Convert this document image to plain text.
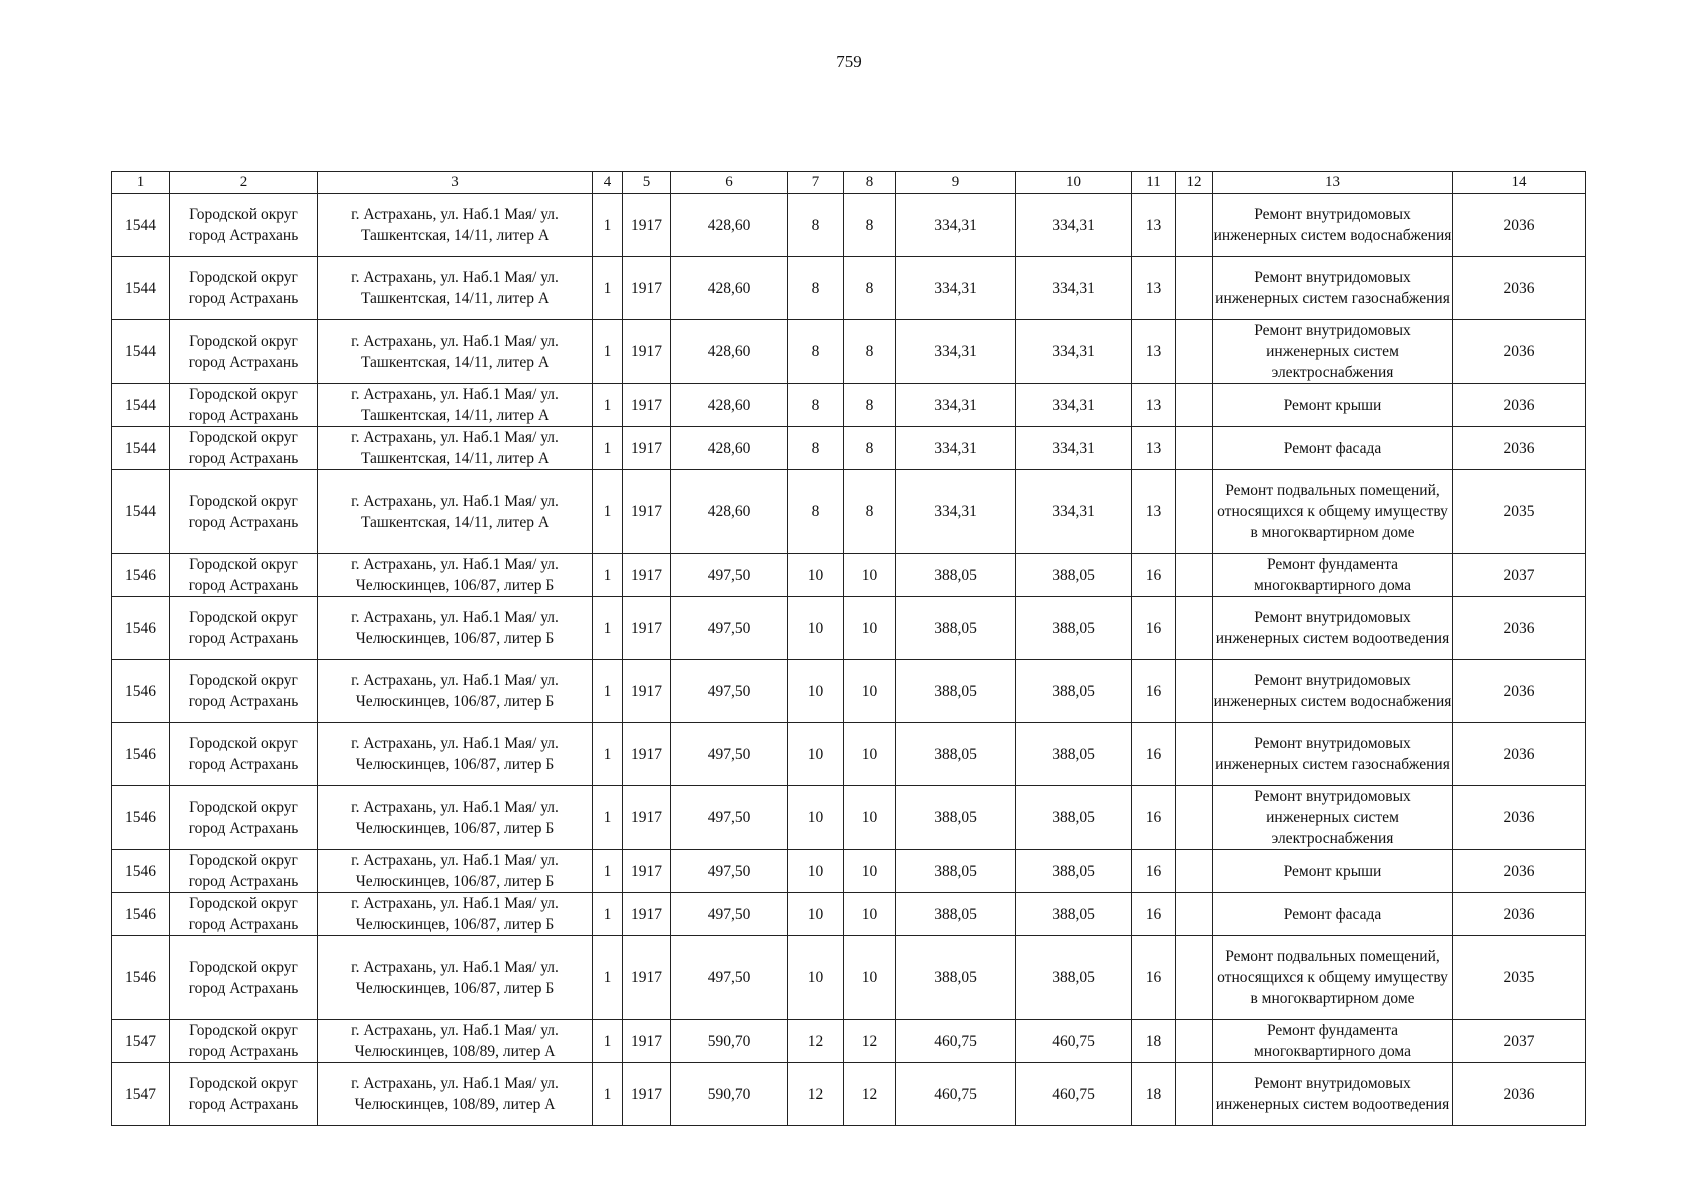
759
1	2	3	4	5	6	7	8	9	10	11	12	13	14
1544	Городской округ город Астрахань	г. Астрахань, ул. Наб.1 Мая/ ул. Ташкентская, 14/11, литер А	1	1917	428,60	8	8	334,31	334,31	13		Ремонт внутридомовых инженерных систем водоснабжения	2036
1544	Городской округ город Астрахань	г. Астрахань, ул. Наб.1 Мая/ ул. Ташкентская, 14/11, литер А	1	1917	428,60	8	8	334,31	334,31	13		Ремонт внутридомовых инженерных систем газоснабжения	2036
1544	Городской округ город Астрахань	г. Астрахань, ул. Наб.1 Мая/ ул. Ташкентская, 14/11, литер А	1	1917	428,60	8	8	334,31	334,31	13		Ремонт внутридомовых инженерных систем электроснабжения	2036
1544	Городской округ город Астрахань	г. Астрахань, ул. Наб.1 Мая/ ул. Ташкентская, 14/11, литер А	1	1917	428,60	8	8	334,31	334,31	13		Ремонт крыши	2036
1544	Городской округ город Астрахань	г. Астрахань, ул. Наб.1 Мая/ ул. Ташкентская, 14/11, литер А	1	1917	428,60	8	8	334,31	334,31	13		Ремонт фасада	2036
1544	Городской округ город Астрахань	г. Астрахань, ул. Наб.1 Мая/ ул. Ташкентская, 14/11, литер А	1	1917	428,60	8	8	334,31	334,31	13		Ремонт подвальных помещений, относящихся к общему имуществу в многоквартирном доме	2035
1546	Городской округ город Астрахань	г. Астрахань, ул. Наб.1 Мая/ ул. Челюскинцев, 106/87, литер Б	1	1917	497,50	10	10	388,05	388,05	16		Ремонт фундамента многоквартирного дома	2037
1546	Городской округ город Астрахань	г. Астрахань, ул. Наб.1 Мая/ ул. Челюскинцев, 106/87, литер Б	1	1917	497,50	10	10	388,05	388,05	16		Ремонт внутридомовых инженерных систем водоотведения	2036
1546	Городской округ город Астрахань	г. Астрахань, ул. Наб.1 Мая/ ул. Челюскинцев, 106/87, литер Б	1	1917	497,50	10	10	388,05	388,05	16		Ремонт внутридомовых инженерных систем водоснабжения	2036
1546	Городской округ город Астрахань	г. Астрахань, ул. Наб.1 Мая/ ул. Челюскинцев, 106/87, литер Б	1	1917	497,50	10	10	388,05	388,05	16		Ремонт внутридомовых инженерных систем газоснабжения	2036
1546	Городской округ город Астрахань	г. Астрахань, ул. Наб.1 Мая/ ул. Челюскинцев, 106/87, литер Б	1	1917	497,50	10	10	388,05	388,05	16		Ремонт внутридомовых инженерных систем электроснабжения	2036
1546	Городской округ город Астрахань	г. Астрахань, ул. Наб.1 Мая/ ул. Челюскинцев, 106/87, литер Б	1	1917	497,50	10	10	388,05	388,05	16		Ремонт крыши	2036
1546	Городской округ город Астрахань	г. Астрахань, ул. Наб.1 Мая/ ул. Челюскинцев, 106/87, литер Б	1	1917	497,50	10	10	388,05	388,05	16		Ремонт фасада	2036
1546	Городской округ город Астрахань	г. Астрахань, ул. Наб.1 Мая/ ул. Челюскинцев, 106/87, литер Б	1	1917	497,50	10	10	388,05	388,05	16		Ремонт подвальных помещений, относящихся к общему имуществу в многоквартирном доме	2035
1547	Городской округ город Астрахань	г. Астрахань, ул. Наб.1 Мая/ ул. Челюскинцев, 108/89, литер А	1	1917	590,70	12	12	460,75	460,75	18		Ремонт фундамента многоквартирного дома	2037
1547	Городской округ город Астрахань	г. Астрахань, ул. Наб.1 Мая/ ул. Челюскинцев, 108/89, литер А	1	1917	590,70	12	12	460,75	460,75	18		Ремонт внутридомовых инженерных систем водоотведения	2036
